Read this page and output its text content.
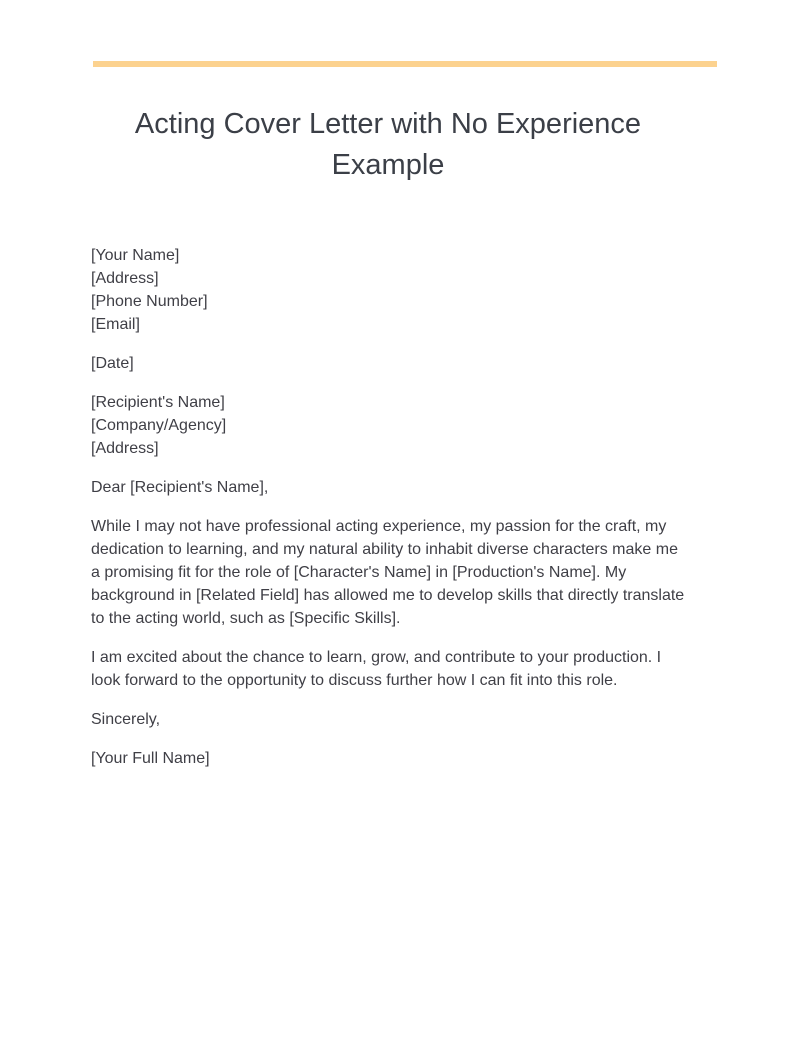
Acting Cover Letter with No Experience Example
[Your Name]
[Address]
[Phone Number]
[Email]
[Date]
[Recipient's Name]
[Company/Agency]
[Address]
Dear [Recipient's Name],

While I may not have professional acting experience, my passion for the craft, my dedication to learning, and my natural ability to inhabit diverse characters make me a promising fit for the role of [Character's Name] in [Production's Name]. My background in [Related Field] has allowed me to develop skills that directly translate to the acting world, such as [Specific Skills].

I am excited about the chance to learn, grow, and contribute to your production. I look forward to the opportunity to discuss further how I can fit into this role.

Sincerely,
[Your Full Name]
